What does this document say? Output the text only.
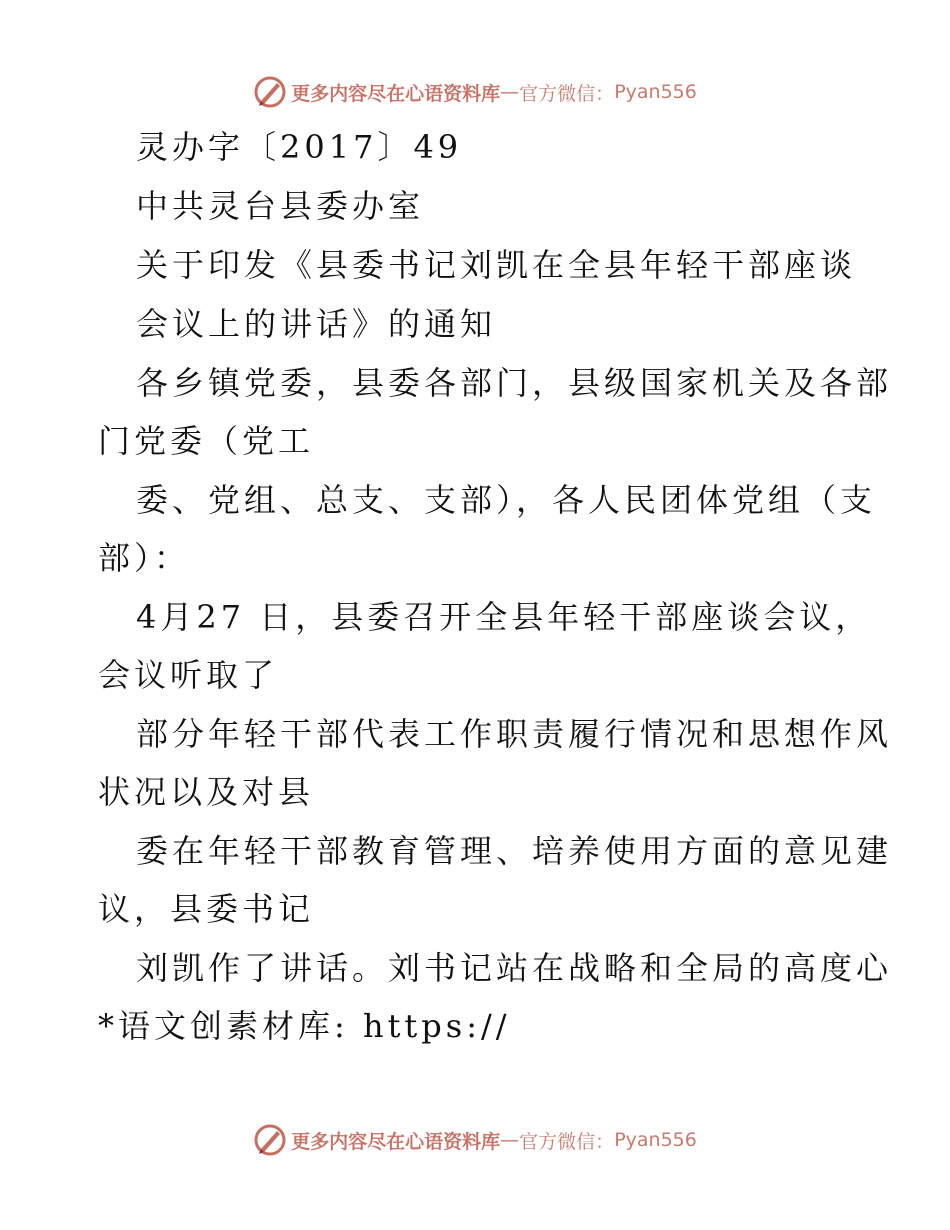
更多内容尽在心语资料库 — 官方微信： Pyan556
灵办字〔2017〕49
中共灵台县委办室
关于印发《县委书记刘凯在全县年轻干部座谈
会议上的讲话》的通知
各乡镇党委，县委各部门，县级国家机关及各部
门党委（党工
委、党组、总支、支部），各人民团体党组（支
部）：
4月27 日，县委召开全县年轻干部座谈会议，
会议听取了
部分年轻干部代表工作职责履行情况和思想作风
状况以及对县
委在年轻干部教育管理、培养使用方面的意见建
议，县委书记
刘凯作了讲话。刘书记站在战略和全局的高度心
*语文创素材库: https://
更多内容尽在心语资料库 — 官方微信： Pyan556
